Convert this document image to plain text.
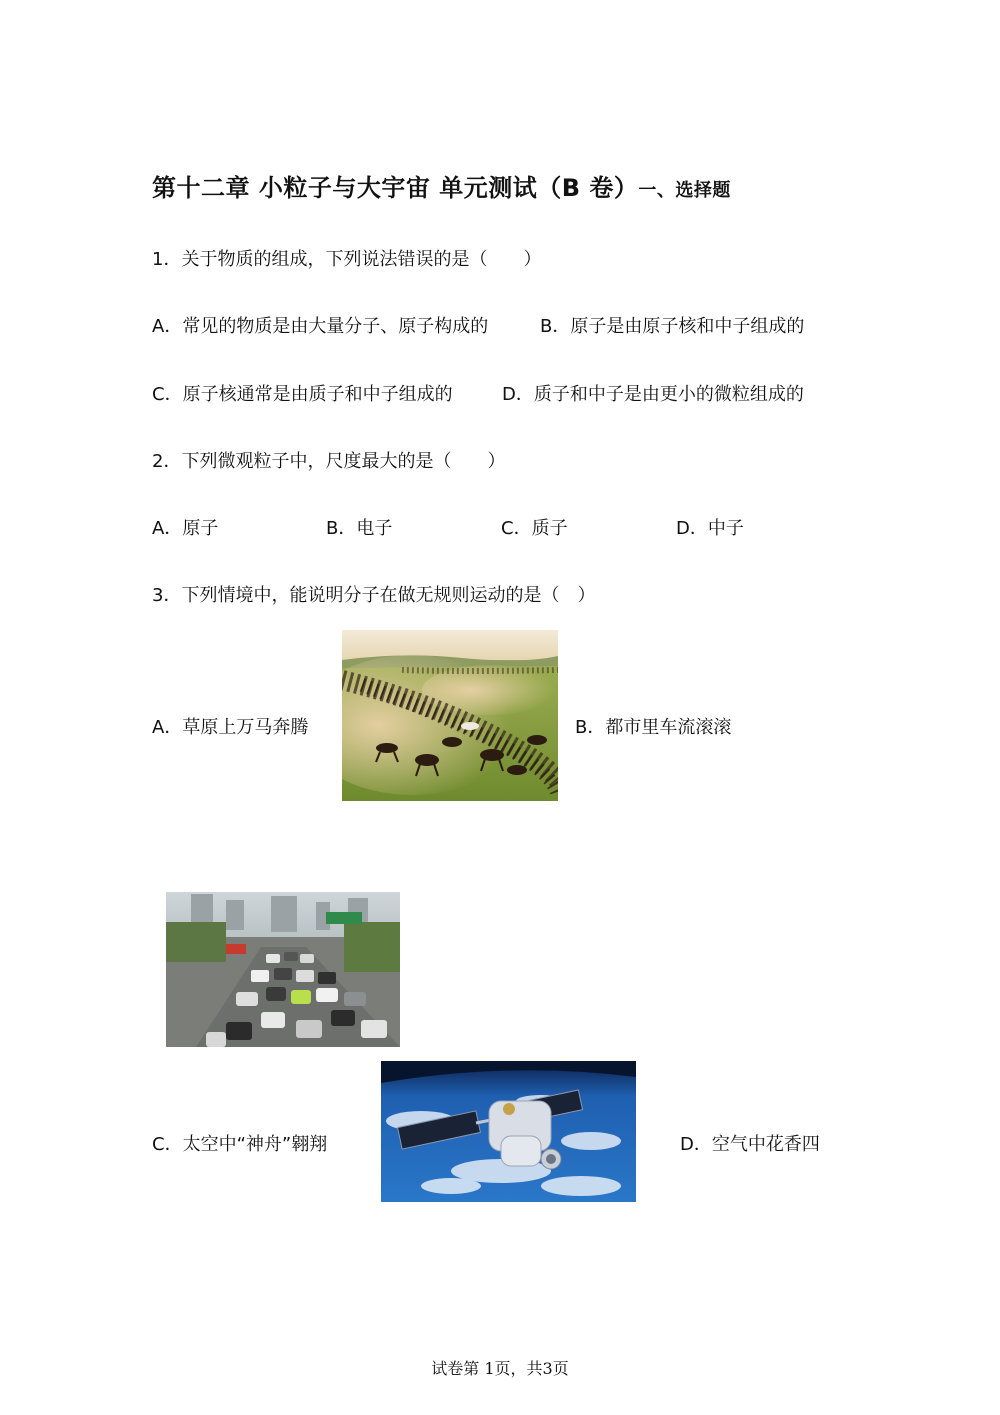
第十二章 小粒子与大宇宙 单元测试（B 卷）一、选择题
1．关于物质的组成，下列说法错误的是（　　）
A．常见的物质是由大量分子、原子构成的	B．原子是由原子核和中子组成的
C．原子核通常是由质子和中子组成的	D．质子和中子是由更小的微粒组成的
2．下列微观粒子中，尺度最大的是（　　）
A．原子	B．电子	C．质子	D．中子
3．下列情境中，能说明分子在做无规则运动的是（　）
A．草原上万马奔腾	B．都市里车流滚滚
C．太空中“神舟”翱翔	D．空气中花香四
试卷第 1页，共3页
